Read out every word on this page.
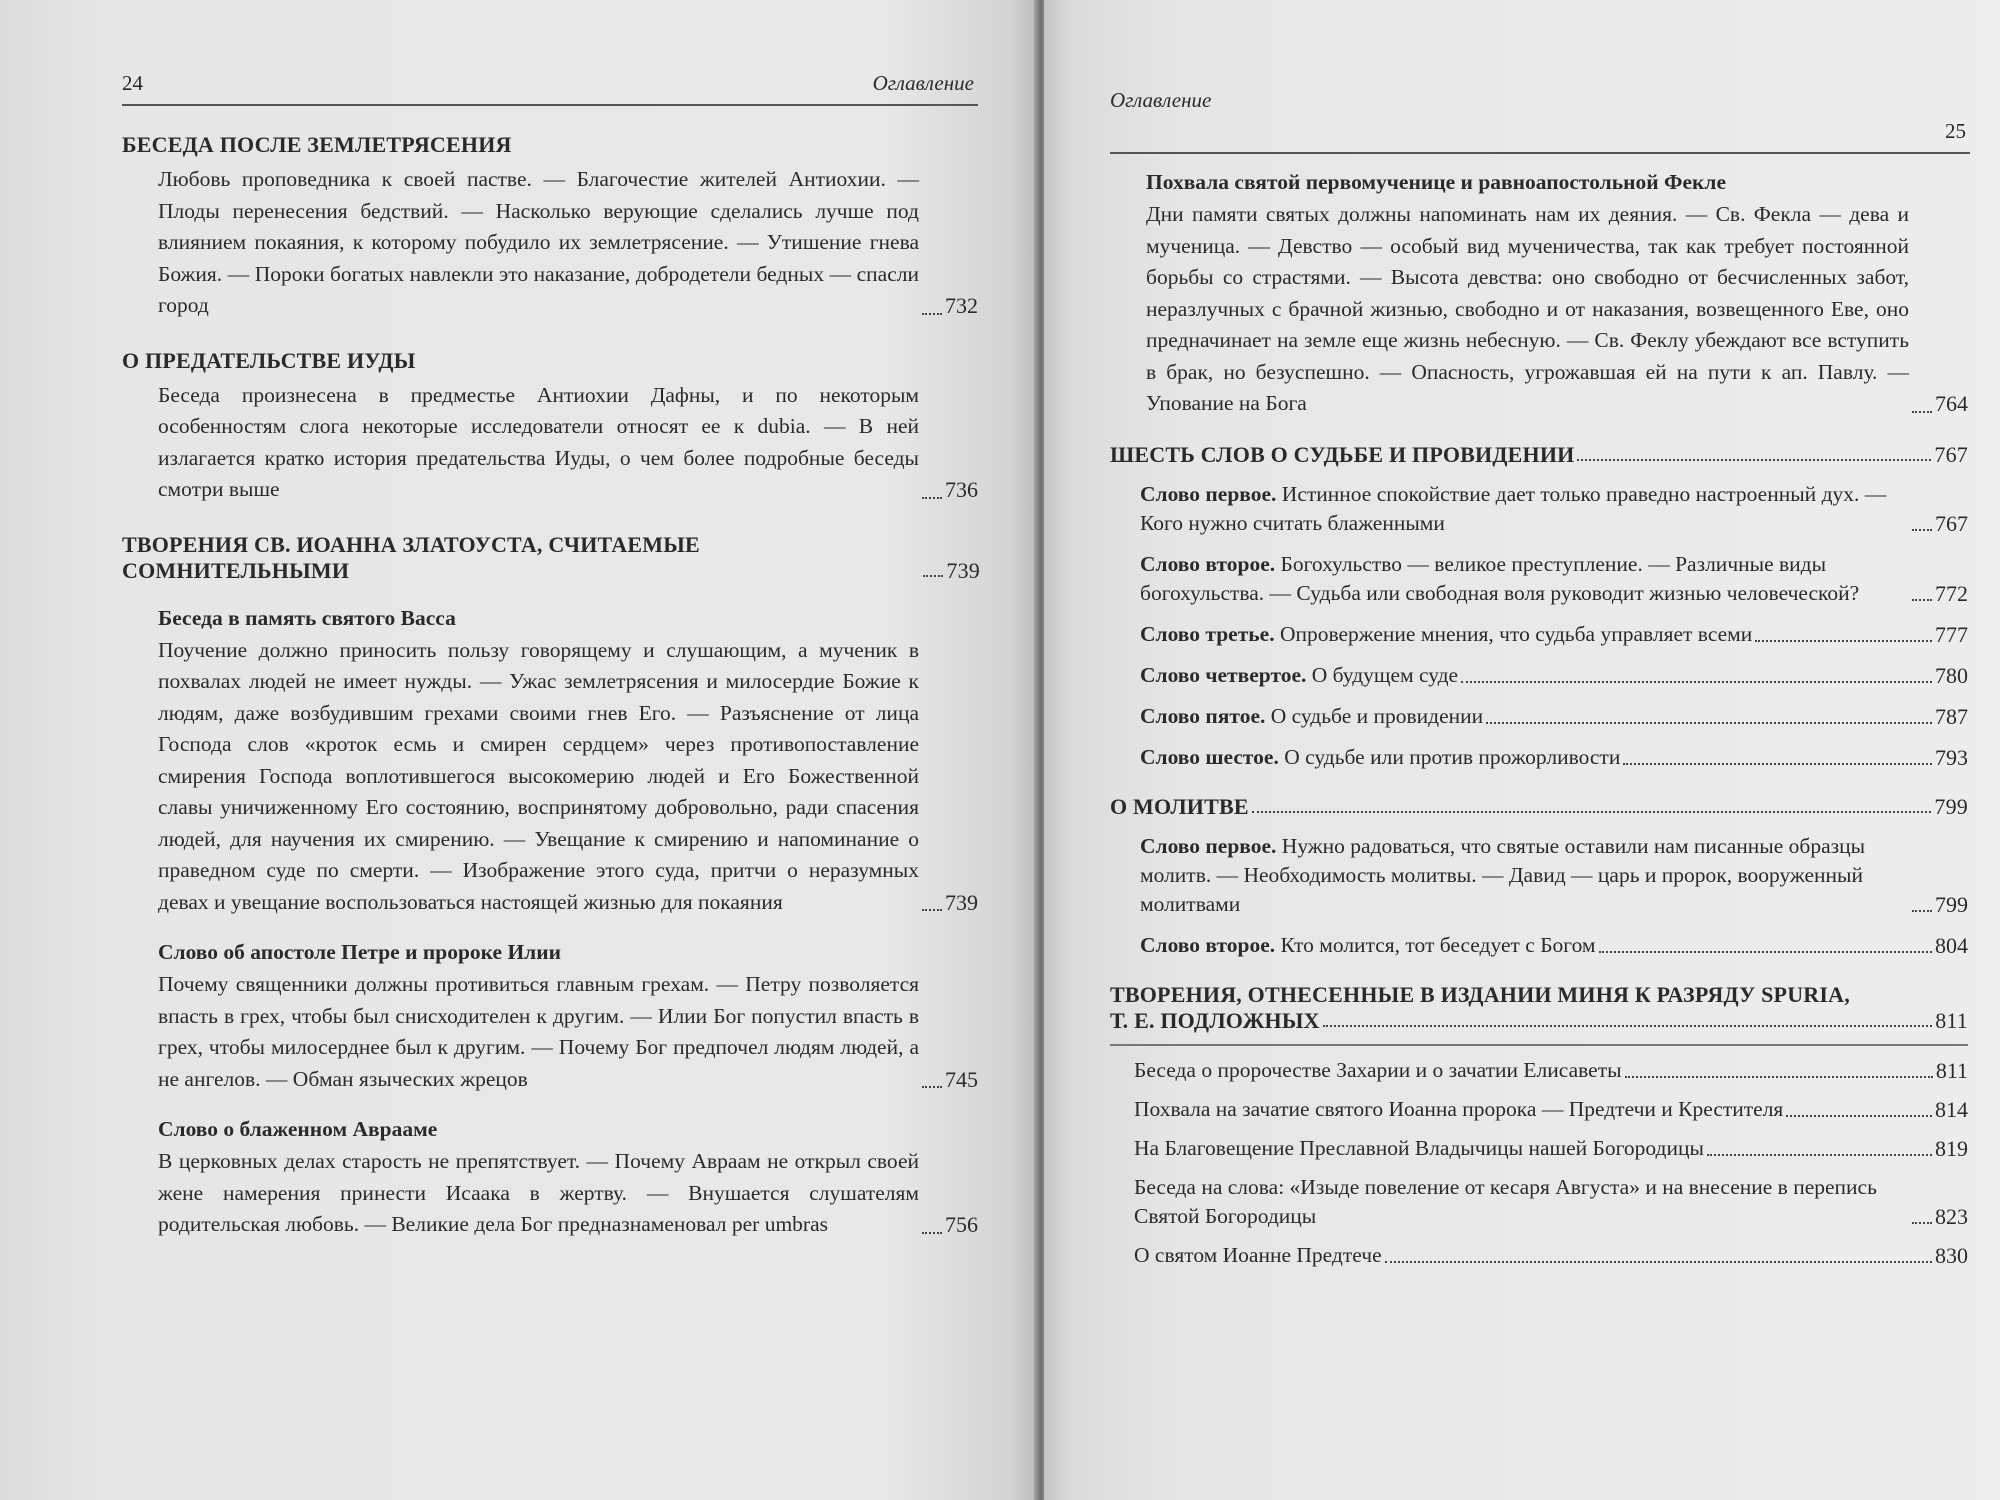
24	Оглавление
БЕСЕДА ПОСЛЕ ЗЕМЛЕТРЯСЕНИЯ
Любовь проповедника к своей пастве. — Благочестие жителей Антиохии. — Плоды перенесения бедствий. — Насколько верующие сделались лучше под влиянием покаяния, к которому побудило их землетрясение. — Утишение гнева Божия. — Пороки богатых навлекли это наказание, добродетели бедных — спасли город	732
О ПРЕДАТЕЛЬСТВЕ ИУДЫ
Беседа произнесена в предместье Антиохии Дафны, и по некоторым особенностям слога некоторые исследователи относят ее к dubia. — В ней излагается кратко история предательства Иуды, о чем более подробные беседы смотри выше	736
ТВОРЕНИЯ СВ. ИОАННА ЗЛАТОУСТА, СЧИТАЕМЫЕ СОМНИТЕЛЬНЫМИ	739
Беседа в память святого Васса
Поучение должно приносить пользу говорящему и слушающим, а мученик в похвалах людей не имеет нужды. — Ужас землетрясения и милосердие Божие к людям, даже возбудившим грехами своими гнев Его. — Разъяснение от лица Господа слов «кроток есмь и смирен сердцем» через противопоставление смирения Господа воплотившегося высокомерию людей и Его Божественной славы уничиженному Его состоянию, воспринятому добровольно, ради спасения людей, для научения их смирению. — Увещание к смирению и напоминание о праведном суде по смерти. — Изображение этого суда, притчи о неразумных девах и увещание воспользоваться настоящей жизнью для покаяния	739
Слово об апостоле Петре и пророке Илии
Почему священники должны противиться главным грехам. — Петру позволяется впасть в грех, чтобы был снисходителен к другим. — Илии Бог попустил впасть в грех, чтобы милосерднее был к другим. — Почему Бог предпочел людям людей, а не ангелов. — Обман языческих жрецов	745
Слово о блаженном Аврааме
В церковных делах старость не препятствует. — Почему Авраам не открыл своей жене намерения принести Исаака в жертву. — Внушается слушателям родительская любовь. — Великие дела Бог предназнаменовал per umbras	756
Оглавление
25
Похвала святой первомученице и равноапостольной Фекле
Дни памяти святых должны напоминать нам их деяния. — Св. Фекла — дева и мученица. — Девство — особый вид мученичества, так как требует постоянной борьбы со страстями. — Высота девства: оно свободно от бесчисленных забот, неразлучных с брачной жизнью, свободно и от наказания, возвещенного Еве, оно предначинает на земле еще жизнь небесную. — Св. Феклу убеждают все вступить в брак, но безуспешно. — Опасность, угрожавшая ей на пути к ап. Павлу. — Упование на Бога	764
ШЕСТЬ СЛОВ О СУДЬБЕ И ПРОВИДЕНИИ	767
Слово первое. Истинное спокойствие дает только праведно настроенный дух. — Кого нужно считать блаженными	767
Слово второе. Богохульство — великое преступление. — Различные виды богохульства. — Судьба или свободная воля руководит жизнью человеческой?	772
Слово третье. Опровержение мнения, что судьба управляет всеми	777
Слово четвертое. О будущем суде	780
Слово пятое. О судьбе и провидении	787
Слово шестое. О судьбе или против прожорливости	793
О МОЛИТВЕ	799
Слово первое. Нужно радоваться, что святые оставили нам писанные образцы молитв. — Необходимость молитвы. — Давид — царь и пророк, вооруженный молитвами	799
Слово второе. Кто молится, тот беседует с Богом	804
ТВОРЕНИЯ, ОТНЕСЕННЫЕ В ИЗДАНИИ МИНЯ К РАЗРЯДУ SPURIA,
Т. Е. ПОДЛОЖНЫХ	811
Беседа о пророчестве Захарии и о зачатии Елисаветы	811
Похвала на зачатие святого Иоанна пророка — Предтечи и Крестителя	814
На Благовещение Преславной Владычицы нашей Богородицы	819
Беседа на слова: «Изыде повеление от кесаря Августа» и на внесение в перепись Святой Богородицы	823
О святом Иоанне Предтече	830
